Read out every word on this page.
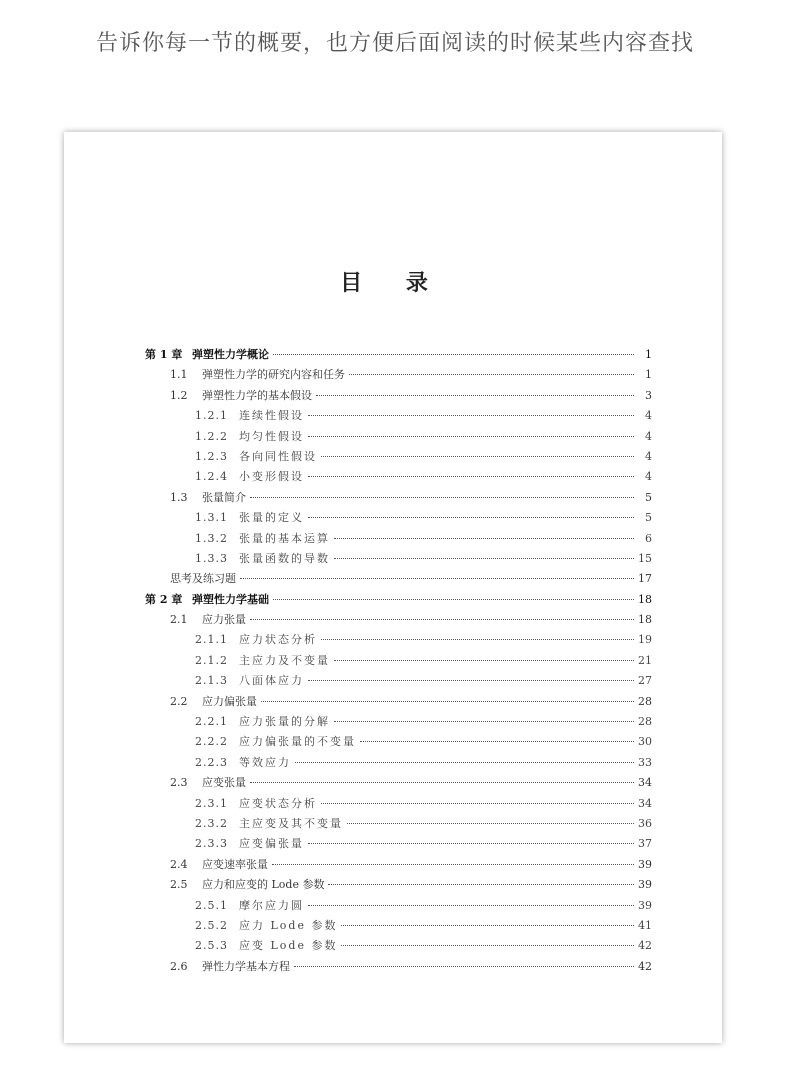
告诉你每一节的概要，也方便后面阅读的时候某些内容查找
目 录
第 1 章 弹塑性力学概论	1
1.1	弹塑性力学的研究内容和任务	1
1.2	弹塑性力学的基本假设	3
1.2.1	连续性假设	4
1.2.2	均匀性假设	4
1.2.3	各向同性假设	4
1.2.4	小变形假设	4
1.3	张量简介	5
1.3.1	张量的定义	5
1.3.2	张量的基本运算	6
1.3.3	张量函数的导数	15
思考及练习题	17
第 2 章 弹塑性力学基础	18
2.1	应力张量	18
2.1.1	应力状态分析	19
2.1.2	主应力及不变量	21
2.1.3	八面体应力	27
2.2	应力偏张量	28
2.2.1	应力张量的分解	28
2.2.2	应力偏张量的不变量	30
2.2.3	等效应力	33
2.3	应变张量	34
2.3.1	应变状态分析	34
2.3.2	主应变及其不变量	36
2.3.3	应变偏张量	37
2.4	应变速率张量	39
2.5	应力和应变的 Lode 参数	39
2.5.1	摩尔应力圆	39
2.5.2	应力 Lode 参数	41
2.5.3	应变 Lode 参数	42
2.6	弹性力学基本方程	42
